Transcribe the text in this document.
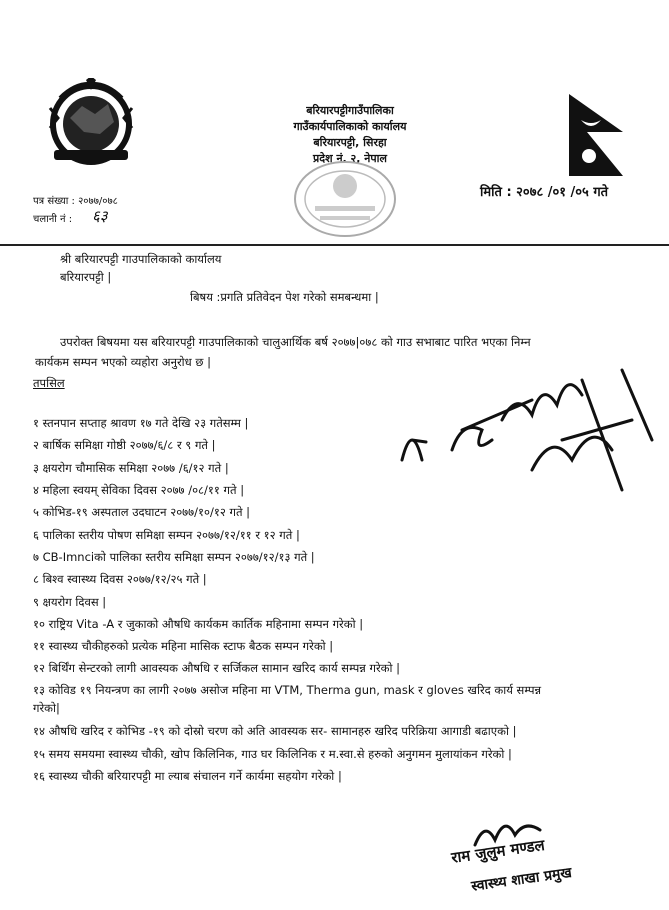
बरियारपट्टीगाउँपालिका
गाउँकार्यपालिकाको कार्यालय
बरियारपट्टी, सिरहा
प्रदेश नं. २, नेपाल
पत्र संख्या : २०७७/०७८
चलानी नं : ६३
मिति : २०७८ /०१ /०५ गते
श्री बरियारपट्टी गाउपालिकाको कार्यालय
बरियारपट्टी |
बिषय :प्रगति प्रतिवेदन पेश गरेको समबन्धमा |
उपरोक्त बिषयमा यस बरियारपट्टी गाउपालिकाको चालुआर्थिक बर्ष २०७७|०७८ को गाउ सभाबाट पारित भएका निम्न
कार्यकम सम्पन भएको व्यहोरा अनुरोध छ |
तपसिल
१ स्तनपान सप्ताह श्रावण १७ गते देखि २३ गतेसम्म |
२ बार्षिक समिक्षा गोष्ठी २०७७/६/८ र ९ गते |
३ क्षयरोग चौमासिक समिक्षा २०७७ /६/१२ गते |
४ महिला स्वयम् सेविका दिवस २०७७ /०८/११ गते |
५ कोभिड-१९ अस्पताल उदघाटन २०७७/१०/१२ गते |
६ पालिका स्तरीय पोषण समिक्षा सम्पन २०७७/१२/११ र १२ गते |
७ CB-Imnciको पालिका स्तरीय समिक्षा सम्पन २०७७/१२/१३ गते |
८ बिश्व स्वास्थ्य दिवस २०७७/१२/२५ गते |
९ क्षयरोग दिवस |
१० राष्ट्रिय Vita -A र जुकाको औषधि कार्यकम कार्तिक महिनामा सम्पन गरेको |
११ स्वास्थ्य चौकीहरुको प्रत्येक महिना मासिक स्टाफ बैठक सम्पन गरेको |
१२ बिर्थिंग सेन्टरको लागी आवस्यक औषधि र सर्जिकल सामान खरिद कार्य सम्पन्न गरेको |
१३ कोविड १९ नियन्त्रण का लागी २०७७ असोज महिना मा VTM, Therma gun, mask र gloves खरिद कार्य सम्पन्न
गरेको|
१४ औषधि खरिद र कोभिड -१९ को दोस्रो चरण को अति आवस्यक सर- सामानहरु खरिद परिक्रिया आगाडी बढाएको |
१५ समय समयमा स्वास्थ्य चौकी, खोप किलिनिक, गाउ घर किलिनिक र म.स्वा.से हरुको अनुगमन मुलायांकन गरेको |
१६ स्वास्थ्य चौकी बरियारपट्टी मा ल्याब संचालन गर्ने कार्यमा सहयोग गरेको |
राम जुलुम मण्डल
स्वास्थ्य शाखा प्रमुख
